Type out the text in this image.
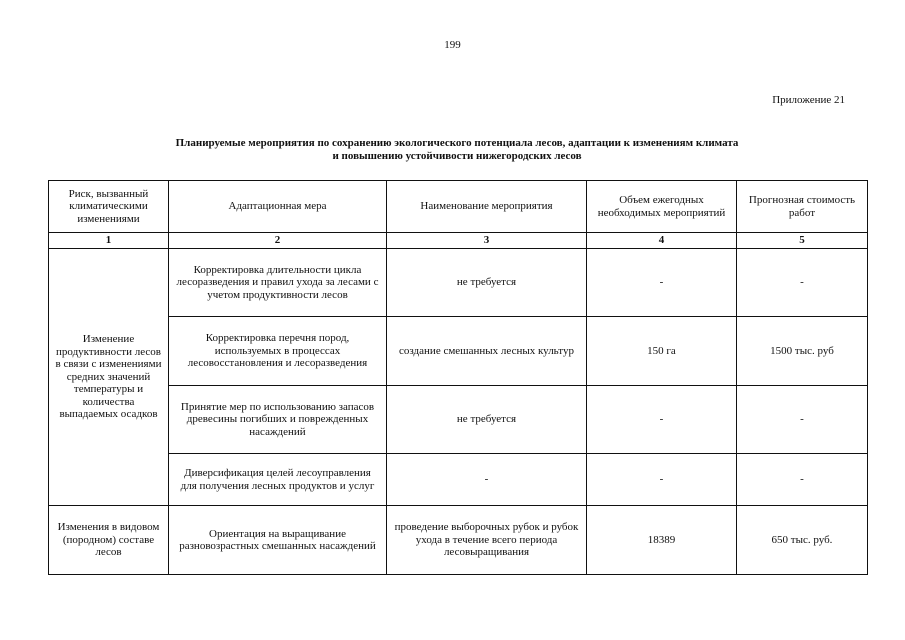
199
Приложение 21
Планируемые мероприятия по сохранению экологического потенциала лесов, адаптации к изменениям климата
и повышению устойчивости нижегородских лесов
Риск, вызванный климатическими изменениями	Адаптационная мера	Наименование мероприятия	Объем ежегодных необходимых мероприятий	Прогнозная стоимость работ
1	2	3	4	5
Изменение продуктивности лесов в связи с изменениями средних значений температуры и количества выпадаемых осадков	Корректировка длительности цикла лесоразведения и правил ухода за лесами с учетом продуктивности лесов	не требуется	-	-
	Корректировка перечня пород, используемых в процессах лесовосстановления и лесоразведения	создание смешанных лесных культур	150 га	1500 тыс. руб
	Принятие мер по использованию запасов древесины погибших и поврежденных насаждений	не требуется	-	-
	Диверсификация целей лесоуправления для получения лесных продуктов и услуг	-	-	-
Изменения в видовом (породном) составе лесов	Ориентация на выращивание разновозрастных смешанных насаждений	проведение выборочных рубок и рубок ухода в течение всего периода лесовыращивания	18389	650 тыс. руб.
